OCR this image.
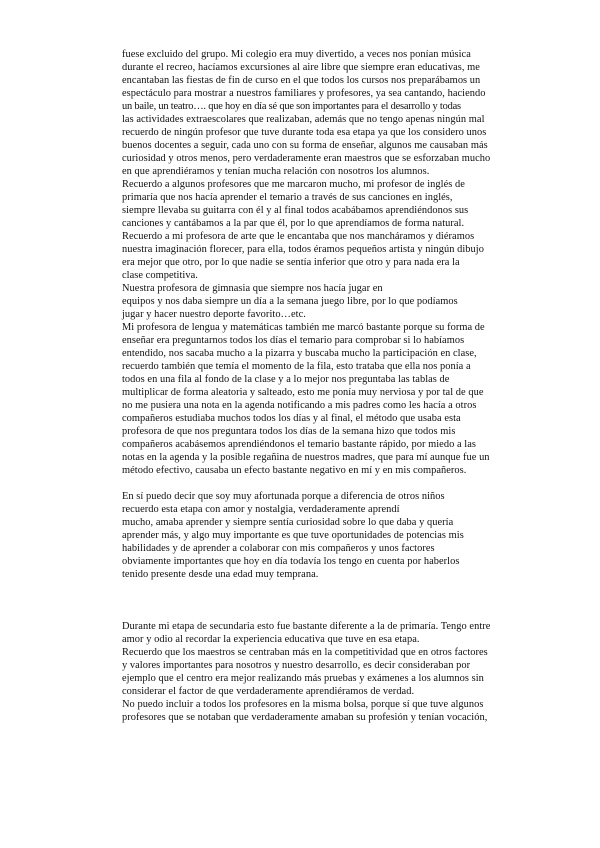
fuese excluido del grupo. Mi colegio era muy divertido, a veces nos ponían música
durante el recreo, hacíamos excursiones al aire libre que siempre eran educativas, me
encantaban las fiestas de fin de curso en el que todos los cursos nos preparábamos un
espectáculo para mostrar a nuestros familiares y profesores, ya sea cantando, haciendo
un baile, un teatro…. que hoy en día sé que son importantes para el desarrollo y todas
las actividades extraescolares que realizaban, además que no tengo apenas ningún mal
recuerdo de ningún profesor que tuve durante toda esa etapa ya que los considero unos
buenos docentes a seguir, cada uno con su forma de enseñar, algunos me causaban más
curiosidad y otros menos, pero verdaderamente eran maestros que se esforzaban mucho
en que aprendiéramos y tenían mucha relación con nosotros los alumnos.
Recuerdo a algunos profesores que me marcaron mucho, mi profesor de inglés de
primaría que nos hacía aprender el temario a través de sus canciones en inglés,
siempre llevaba su guitarra con él y al final todos acabábamos aprendiéndonos sus
canciones y cantábamos a la par que él, por lo que aprendíamos de forma natural.
Recuerdo a mi profesora de arte que le encantaba que nos mancháramos y diéramos
nuestra imaginación florecer, para ella, todos éramos pequeños artista y ningún dibujo
era mejor que otro, por lo que nadie se sentía inferior que otro y para nada era la
clase competitiva.
Nuestra profesora de gimnasia que siempre nos hacía jugar en
equipos y nos daba siempre un día a la semana juego libre, por lo que podíamos
jugar y hacer nuestro deporte favorito…etc.
Mi profesora de lengua y matemáticas también me marcó bastante porque su forma de
enseñar era preguntarnos todos los días el temario para comprobar si lo habíamos
entendido, nos sacaba mucho a la pizarra y buscaba mucho la participación en clase,
recuerdo también que temía el momento de la fila, esto trataba que ella nos ponía a
todos en una fila al fondo de la clase y a lo mejor nos preguntaba las tablas de
multiplicar de forma aleatoria y salteado, esto me ponía muy nerviosa y por tal de que
no me pusiera una nota en la agenda notificando a mis padres como les hacía a otros
compañeros estudiaba muchos todos los días y al final, el método que usaba esta
profesora de que nos preguntara todos los días de la semana hizo que todos mis
compañeros acabásemos aprendiéndonos el temario bastante rápido, por miedo a las
notas en la agenda y la posible regañina de nuestros madres, que para mí aunque fue un
método efectivo, causaba un efecto bastante negativo en mí y en mis compañeros.
En sí puedo decir que soy muy afortunada porque a diferencia de otros niños
recuerdo esta etapa con amor y nostalgia, verdaderamente aprendí
mucho, amaba aprender y siempre sentía curiosidad sobre lo que daba y quería
aprender más, y algo muy importante es que tuve oportunidades de potencias mis
habilidades y de aprender a colaborar con mis compañeros y unos factores
obviamente importantes que hoy en día todavía los tengo en cuenta por haberlos
tenido presente desde una edad muy temprana.
Durante mi etapa de secundaria esto fue bastante diferente a la de primaría. Tengo entre
amor y odio al recordar la experiencia educativa que tuve en esa etapa.
Recuerdo que los maestros se centraban más en la competitividad que en otros factores
y valores importantes para nosotros y nuestro desarrollo, es decir consideraban por
ejemplo que el centro era mejor realizando más pruebas y exámenes a los alumnos sin
considerar el factor de que verdaderamente aprendiéramos de verdad.
No puedo incluir a todos los profesores en la misma bolsa, porque sí que tuve algunos
profesores que se notaban que verdaderamente amaban su profesión y tenían vocación,
